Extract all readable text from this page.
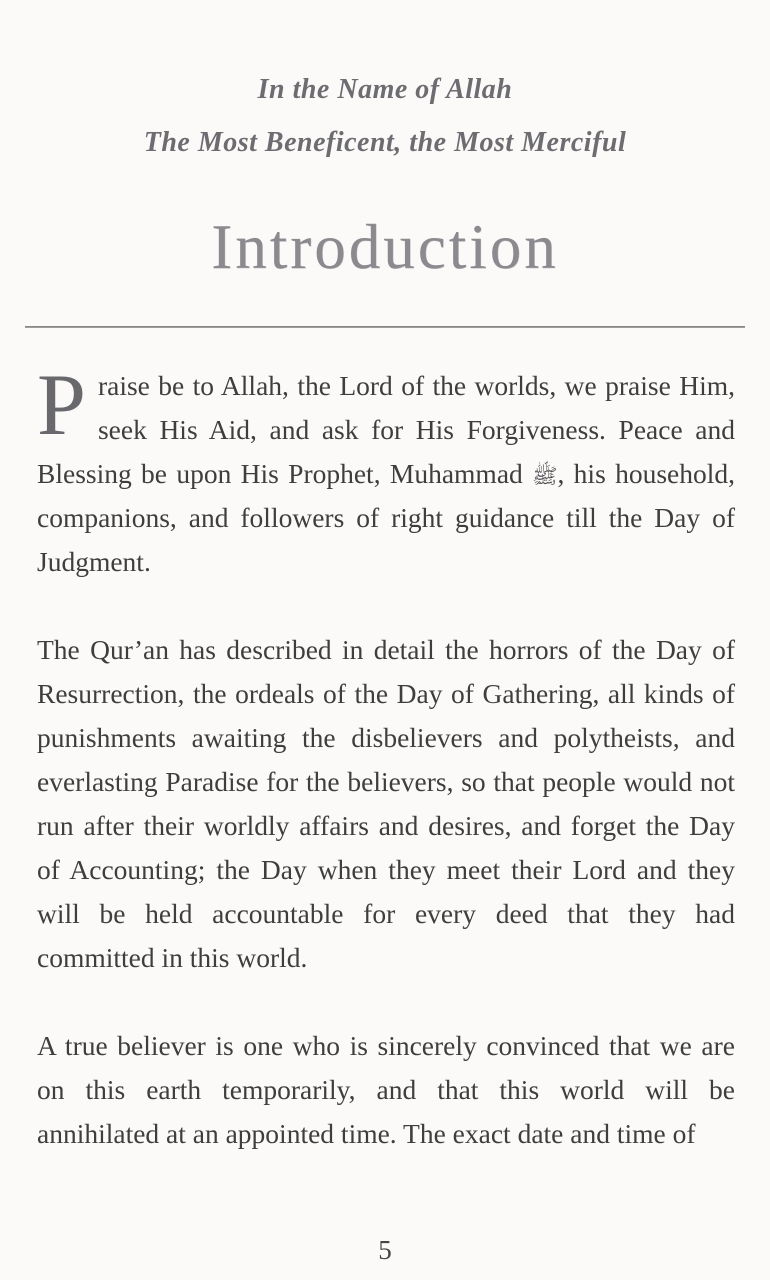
In the Name of Allah
The Most Beneficent, the Most Merciful
Introduction

Praise be to Allah, the Lord of the worlds, we praise Him, seek His Aid, and ask for His Forgiveness. Peace and Blessing be upon His Prophet, Muhammad ﷺ, his household, companions, and followers of right guidance till the Day of Judgment.

The Qur’an has described in detail the horrors of the Day of Resurrection, the ordeals of the Day of Gathering, all kinds of punishments awaiting the disbelievers and polytheists, and everlasting Paradise for the believers, so that people would not run after their worldly affairs and desires, and forget the Day of Accounting; the Day when they meet their Lord and they will be held accountable for every deed that they had committed in this world.

A true believer is one who is sincerely convinced that we are on this earth temporarily, and that this world will be annihilated at an appointed time. The exact date and time of

5
